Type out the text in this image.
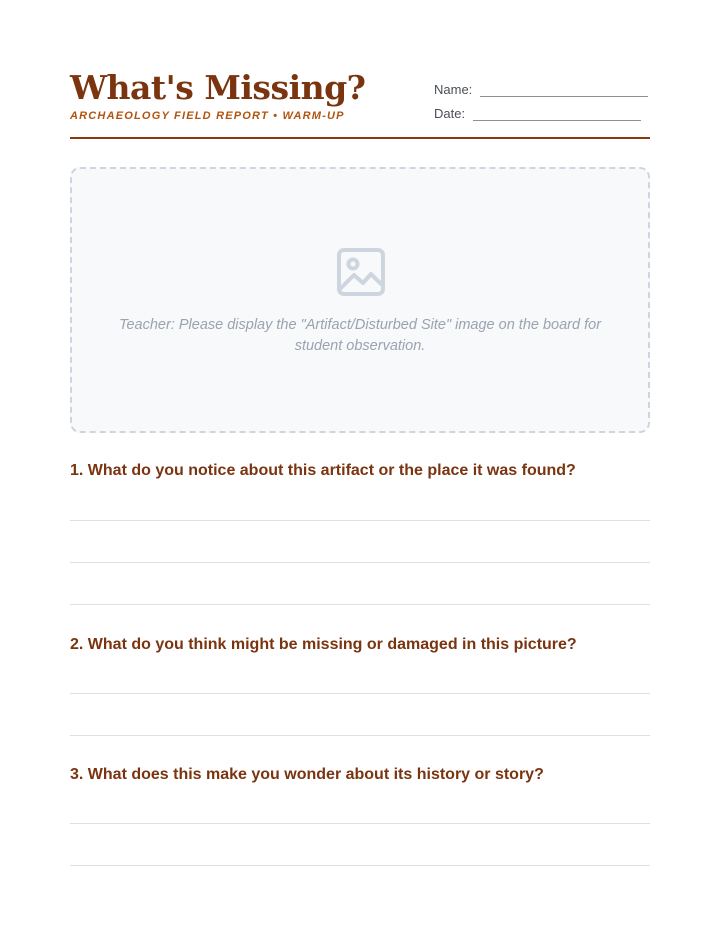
What's Missing?
ARCHAEOLOGY FIELD REPORT • WARM-UP
Name:
Date:
Teacher: Please display the "Artifact/Disturbed Site" image on the board for student observation.
1. What do you notice about this artifact or the place it was found?
2. What do you think might be missing or damaged in this picture?
3. What does this make you wonder about its history or story?
